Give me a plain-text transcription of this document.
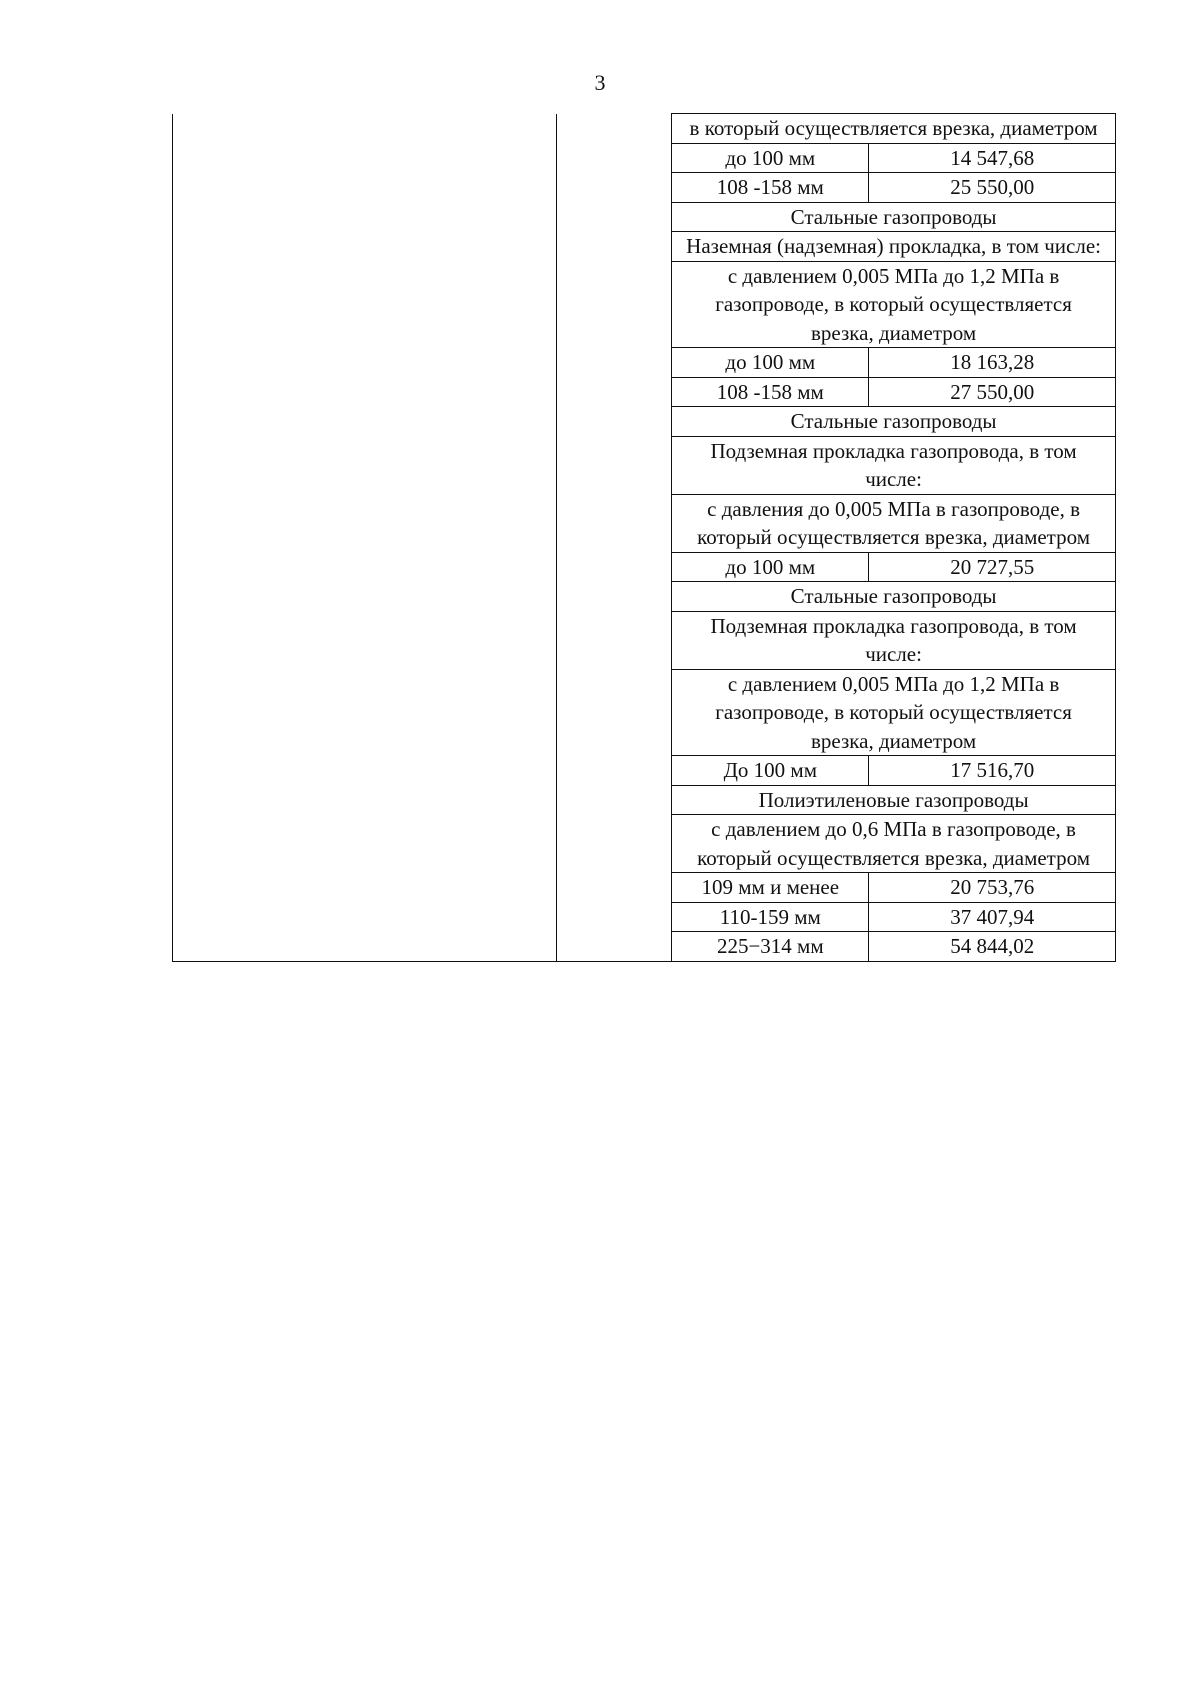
3
		в который осуществляется врезка, диаметром	
		до 100 мм	14 547,68
		108 -158 мм	25 550,00
		Стальные газопроводы	
		Наземная (надземная) прокладка, в том числе:	
		с давлением 0,005 МПа до 1,2 МПа в газопроводе, в который осуществляется врезка, диаметром	
		до 100 мм	18 163,28
		108 -158 мм	27 550,00
		Стальные газопроводы	
		Подземная прокладка газопровода, в том числе:	
		с давления до 0,005 МПа в газопроводе, в который осуществляется врезка, диаметром	
		до 100 мм	20 727,55
		Стальные газопроводы	
		Подземная прокладка газопровода, в том числе:	
		с давлением 0,005 МПа до 1,2 МПа в газопроводе, в который осуществляется врезка, диаметром	
		До 100 мм	17 516,70
		Полиэтиленовые газопроводы	
		с давлением до 0,6 МПа в газопроводе, в который осуществляется врезка, диаметром	
		109 мм и менее	20 753,76
		110-159 мм	37 407,94
		225−314 мм	54 844,02
